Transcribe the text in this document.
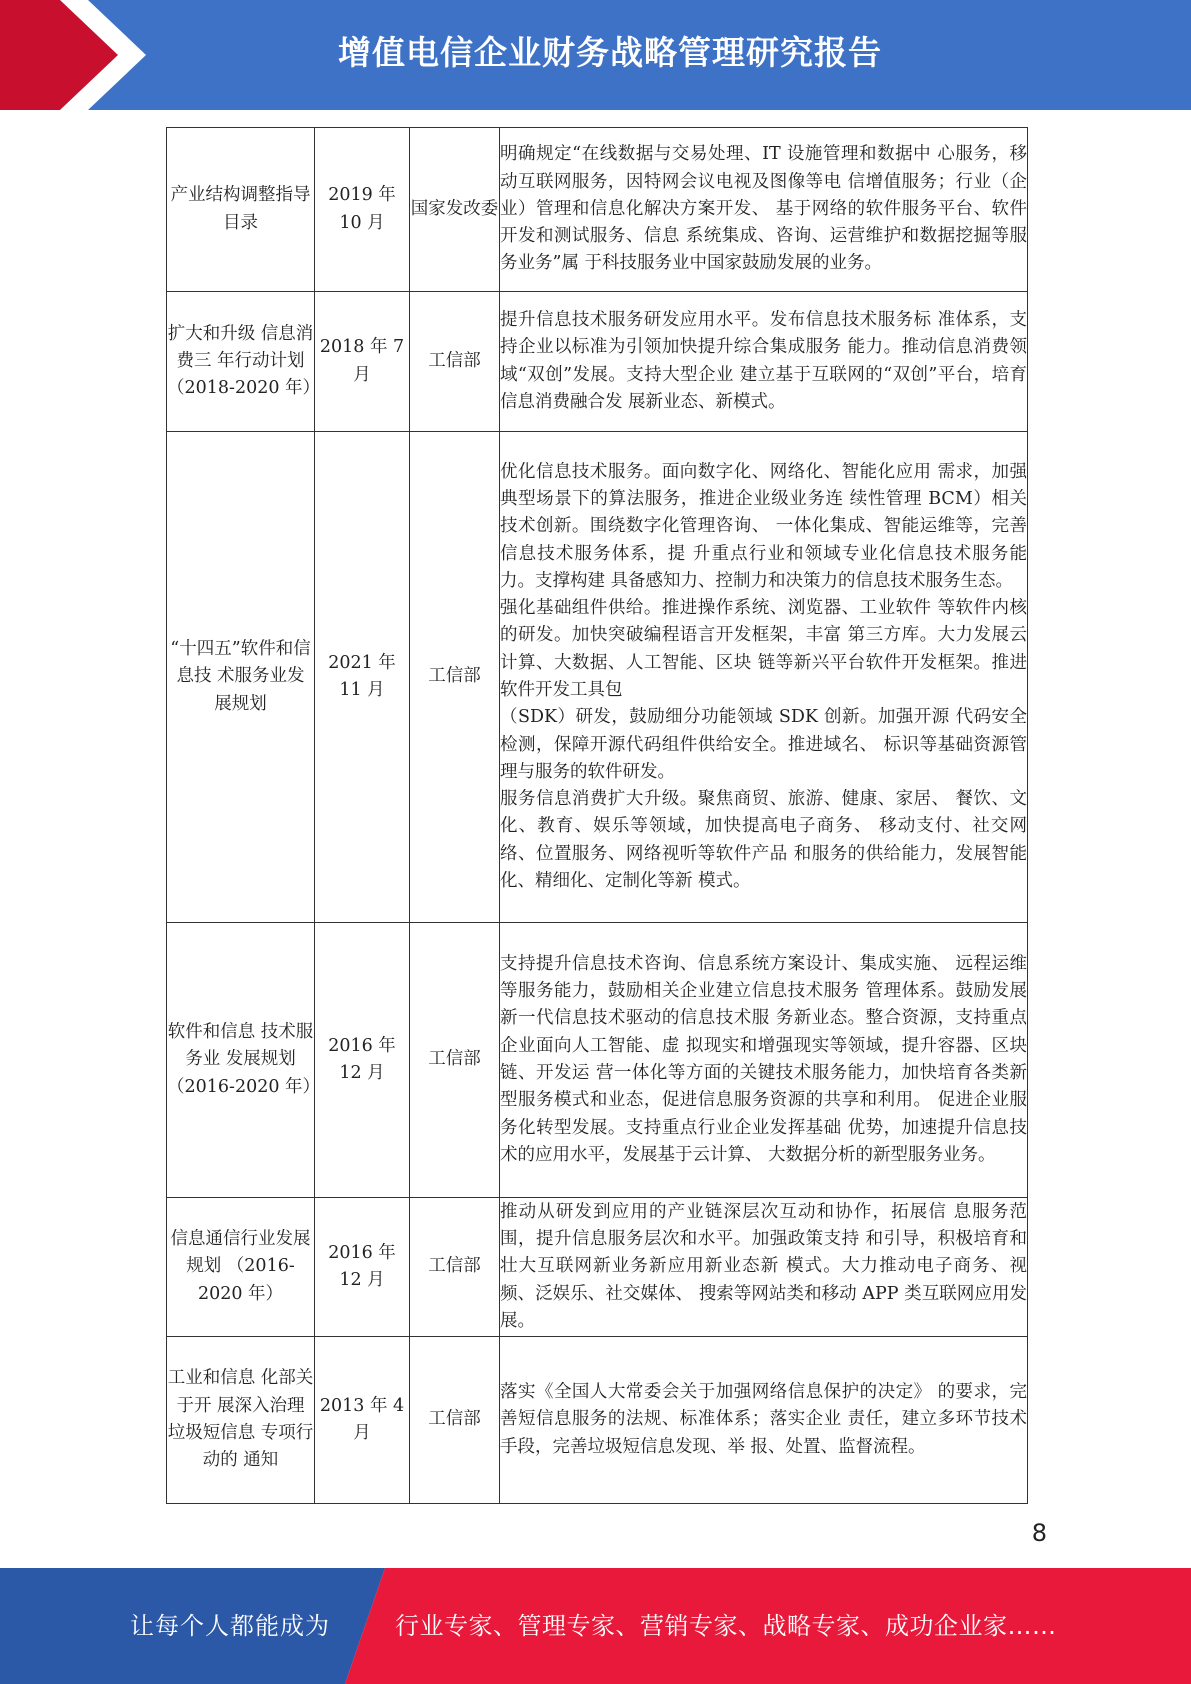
增值电信企业财务战略管理研究报告
产业结构调整指导目录	2019 年 10 月	国家发改委	明确规定“在线数据与交易处理、IT 设施管理和数据中 心服务，移动互联网服务，因特网会议电视及图像等电 信增值服务；行业（企业）管理和信息化解决方案开发、 基于网络的软件服务平台、软件开发和测试服务、信息 系统集成、咨询、运营维护和数据挖掘等服务业务”属 于科技服务业中国家鼓励发展的业务。

扩大和升级 信息消费三 年行动计划 （2018-2020 年）	2018 年 7 月	工信部	提升信息技术服务研发应用水平。发布信息技术服务标 准体系，支持企业以标准为引领加快提升综合集成服务 能力。推动信息消费领域“双创”发展。支持大型企业 建立基于互联网的“双创”平台，培育信息消费融合发 展新业态、新模式。

“十四五”软件和信息技 术服务业发 展规划	2021 年 11 月	工信部	优化信息技术服务。面向数字化、网络化、智能化应用 需求，加强典型场景下的算法服务，推进企业级业务连 续性管理 BCM）相关技术创新。围绕数字化管理咨询、 一体化集成、智能运维等，完善信息技术服务体系，提 升重点行业和领域专业化信息技术服务能力。支撑构建 具备感知力、控制力和决策力的信息技术服务生态。

强化基础组件供给。推进操作系统、浏览器、工业软件 等软件内核的研发。加快突破编程语言开发框架，丰富 第三方库。大力发展云计算、大数据、人工智能、区块 链等新兴平台软件开发框架。推进软件开发工具包

（SDK）研发，鼓励细分功能领域 SDK 创新。加强开源 代码安全检测，保障开源代码组件供给安全。推进域名、 标识等基础资源管理与服务的软件研发。

服务信息消费扩大升级。聚焦商贸、旅游、健康、家居、 餐饮、文化、教育、娱乐等领域，加快提高电子商务、 移动支付、社交网络、位置服务、网络视听等软件产品 和服务的供给能力，发展智能化、精细化、定制化等新 模式。

软件和信息 技术服务业 发展规划 （2016-2020 年）	2016 年 12 月	工信部	支持提升信息技术咨询、信息系统方案设计、集成实施、 远程运维等服务能力，鼓励相关企业建立信息技术服务 管理体系。鼓励发展新一代信息技术驱动的信息技术服 务新业态。整合资源，支持重点企业面向人工智能、虚 拟现实和增强现实等领域，提升容器、区块链、开发运 营一体化等方面的关键技术服务能力，加快培育各类新 型服务模式和业态，促进信息服务资源的共享和利用。 促进企业服务化转型发展。支持重点行业企业发挥基础 优势，加速提升信息技术的应用水平，发展基于云计算、 大数据分析的新型服务业务。

信息通信行业发展规划 （2016-2020 年）	2016 年 12 月	工信部	推动从研发到应用的产业链深层次互动和协作，拓展信 息服务范围，提升信息服务层次和水平。加强政策支持 和引导，积极培育和壮大互联网新业务新应用新业态新 模式。大力推动电子商务、视频、泛娱乐、社交媒体、 搜索等网站类和移动 APP 类互联网应用发展。

工业和信息 化部关于开 展深入治理 垃圾短信息 专项行动的 通知	2013 年 4 月	工信部	落实《全国人大常委会关于加强网络信息保护的决定》 的要求，完善短信息服务的法规、标准体系；落实企业 责任，建立多环节技术手段，完善垃圾短信息发现、举 报、处置、监督流程。

8
让每个人都能成为	行业专家、管理专家、营销专家、战略专家、成功企业家……
